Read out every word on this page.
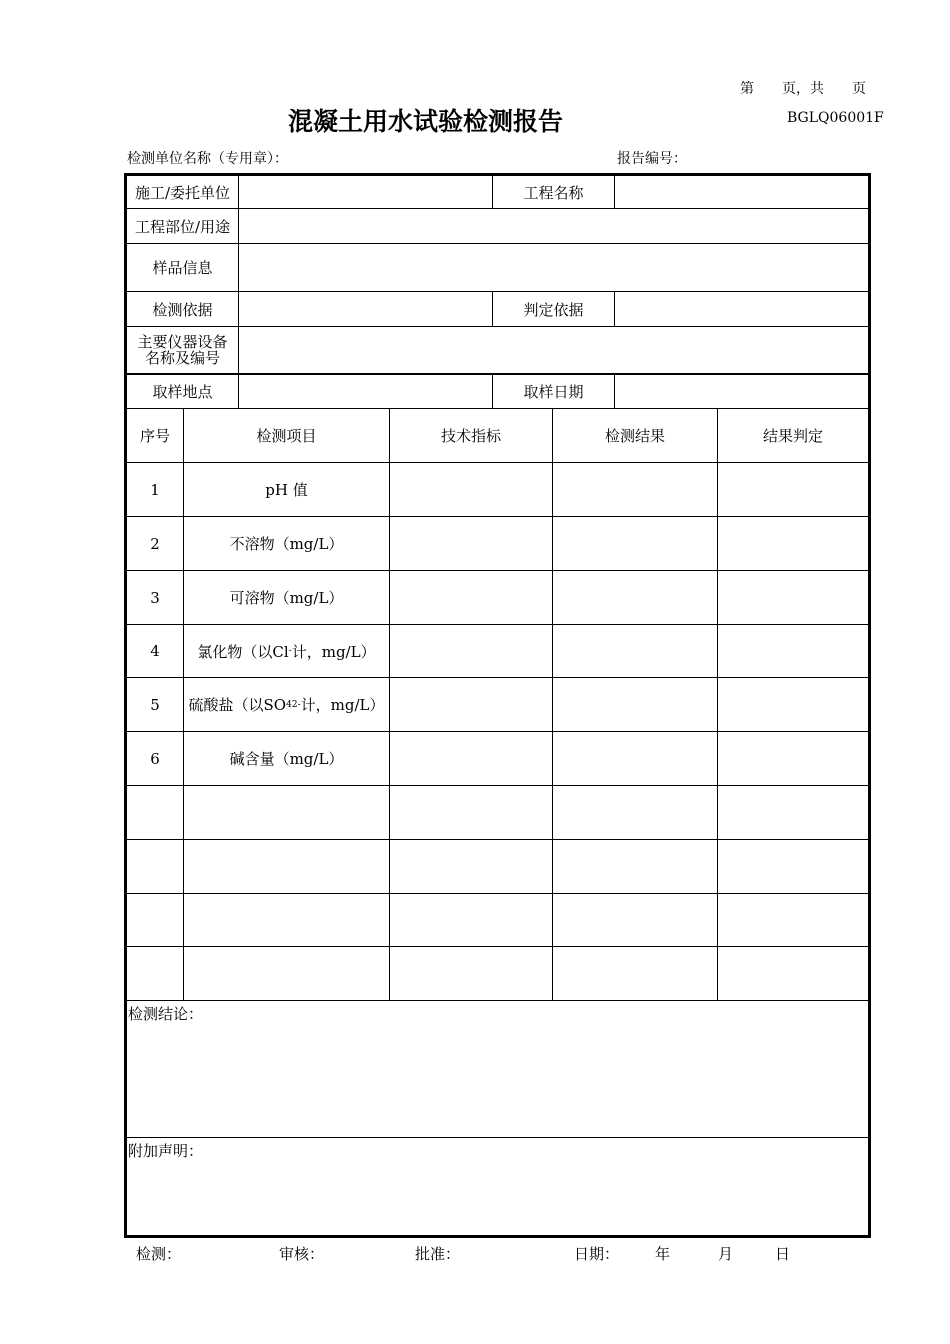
第　　页，共　　页
混凝土用水试验检测报告	BGLQ06001F
检测单位名称（专用章）：	报告编号：
施工/委托单位	工程名称
工程部位/用途
样品信息
检测依据	判定依据
主要仪器设备
名称及编号
取样地点	取样日期
序号	检测项目	技术指标	检测结果	结果判定
1	pH 值
2	不溶物（mg/L）
3	可溶物（mg/L）
4	氯化物（以Cl - 计，mg/L）
5	硫酸盐（以SO 4 2- 计，mg/L）
6	碱含量（mg/L）
检测结论：
附加声明：
检测：	审核：	批准：	日期： 年	月	日
